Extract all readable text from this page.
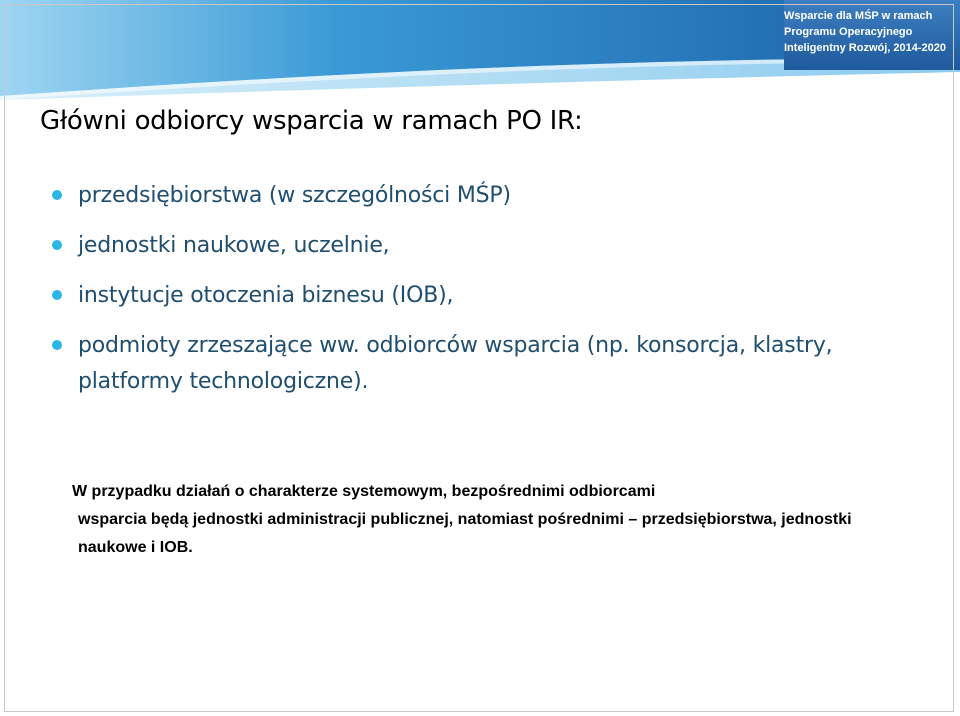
Wsparcie dla MŚP w ramach
Programu Operacyjnego
Inteligentny Rozwój, 2014-2020
Główni odbiorcy wsparcia w ramach PO IR:
przedsiębiorstwa (w szczególności MŚP)
jednostki naukowe, uczelnie,
instytucje otoczenia biznesu (IOB),
podmioty zrzeszające ww. odbiorców wsparcia (np. konsorcja, klastry, platformy technologiczne).

W przypadku działań o charakterze systemowym, bezpośrednimi odbiorcami
wsparcia będą jednostki administracji publicznej, natomiast pośrednimi – przedsiębiorstwa, jednostki naukowe i IOB.
